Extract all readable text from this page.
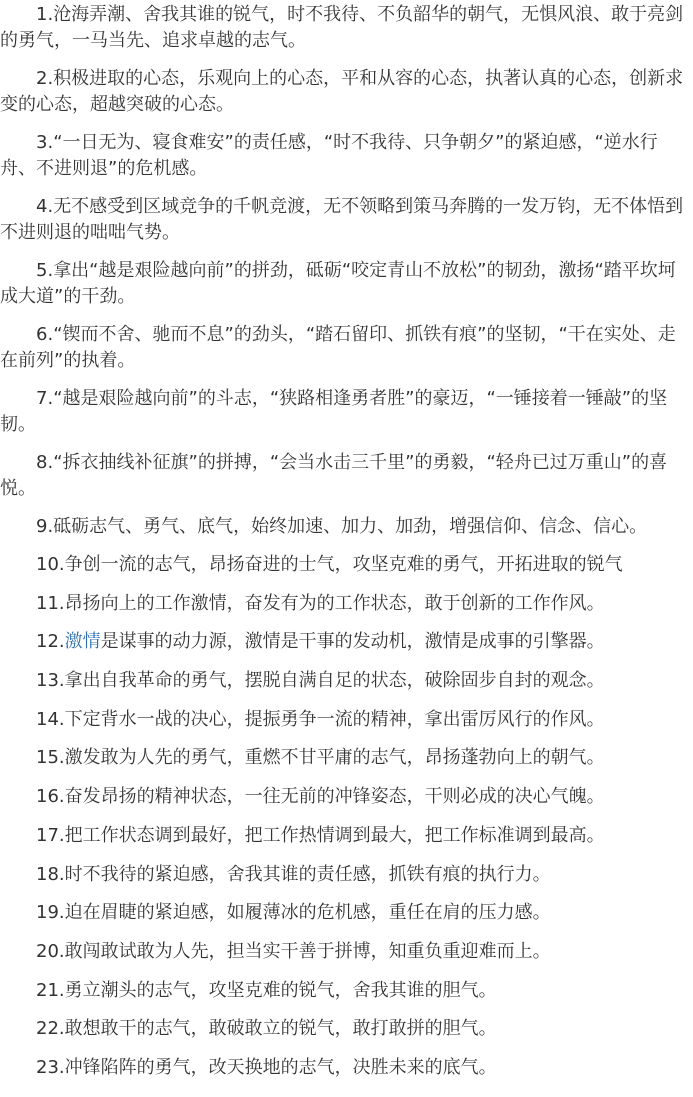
1.沧海弄潮、舍我其谁的锐气，时不我待、不负韶华的朝气，无惧风浪、敢于亮剑的勇气，一马当先、追求卓越的志气。

2.积极进取的心态，乐观向上的心态，平和从容的心态，执著认真的心态，创新求变的心态，超越突破的心态。

3.“一日无为、寝食难安”的责任感，“时不我待、只争朝夕”的紧迫感，“逆水行舟、不进则退”的危机感。

4.无不感受到区域竞争的千帆竞渡，无不领略到策马奔腾的一发万钧，无不体悟到不进则退的咄咄气势。

5.拿出“越是艰险越向前”的拼劲，砥砺“咬定青山不放松”的韧劲，激扬“踏平坎坷成大道”的干劲。

6.“锲而不舍、驰而不息”的劲头，“踏石留印、抓铁有痕”的坚韧，“干在实处、走在前列”的执着。

7.“越是艰险越向前”的斗志，“狭路相逢勇者胜”的豪迈，“一锤接着一锤敲”的坚韧。

8.“拆衣抽线补征旗”的拼搏，“会当水击三千里”的勇毅，“轻舟已过万重山”的喜悦。

9.砥砺志气、勇气、底气，始终加速、加力、加劲，增强信仰、信念、信心。

10.争创一流的志气，昂扬奋进的士气，攻坚克难的勇气，开拓进取的锐气

11.昂扬向上的工作激情，奋发有为的工作状态，敢于创新的工作作风。

12.激情是谋事的动力源，激情是干事的发动机，激情是成事的引擎器。

13.拿出自我革命的勇气，摆脱自满自足的状态，破除固步自封的观念。

14.下定背水一战的决心，提振勇争一流的精神，拿出雷厉风行的作风。

15.激发敢为人先的勇气，重燃不甘平庸的志气，昂扬蓬勃向上的朝气。

16.奋发昂扬的精神状态，一往无前的冲锋姿态，干则必成的决心气魄。

17.把工作状态调到最好，把工作热情调到最大，把工作标准调到最高。

18.时不我待的紧迫感，舍我其谁的责任感，抓铁有痕的执行力。

19.迫在眉睫的紧迫感，如履薄冰的危机感，重任在肩的压力感。

20.敢闯敢试敢为人先，担当实干善于拼博，知重负重迎难而上。

21.勇立潮头的志气，攻坚克难的锐气，舍我其谁的胆气。

22.敢想敢干的志气，敢破敢立的锐气，敢打敢拼的胆气。

23.冲锋陷阵的勇气，改天换地的志气，决胜未来的底气。
